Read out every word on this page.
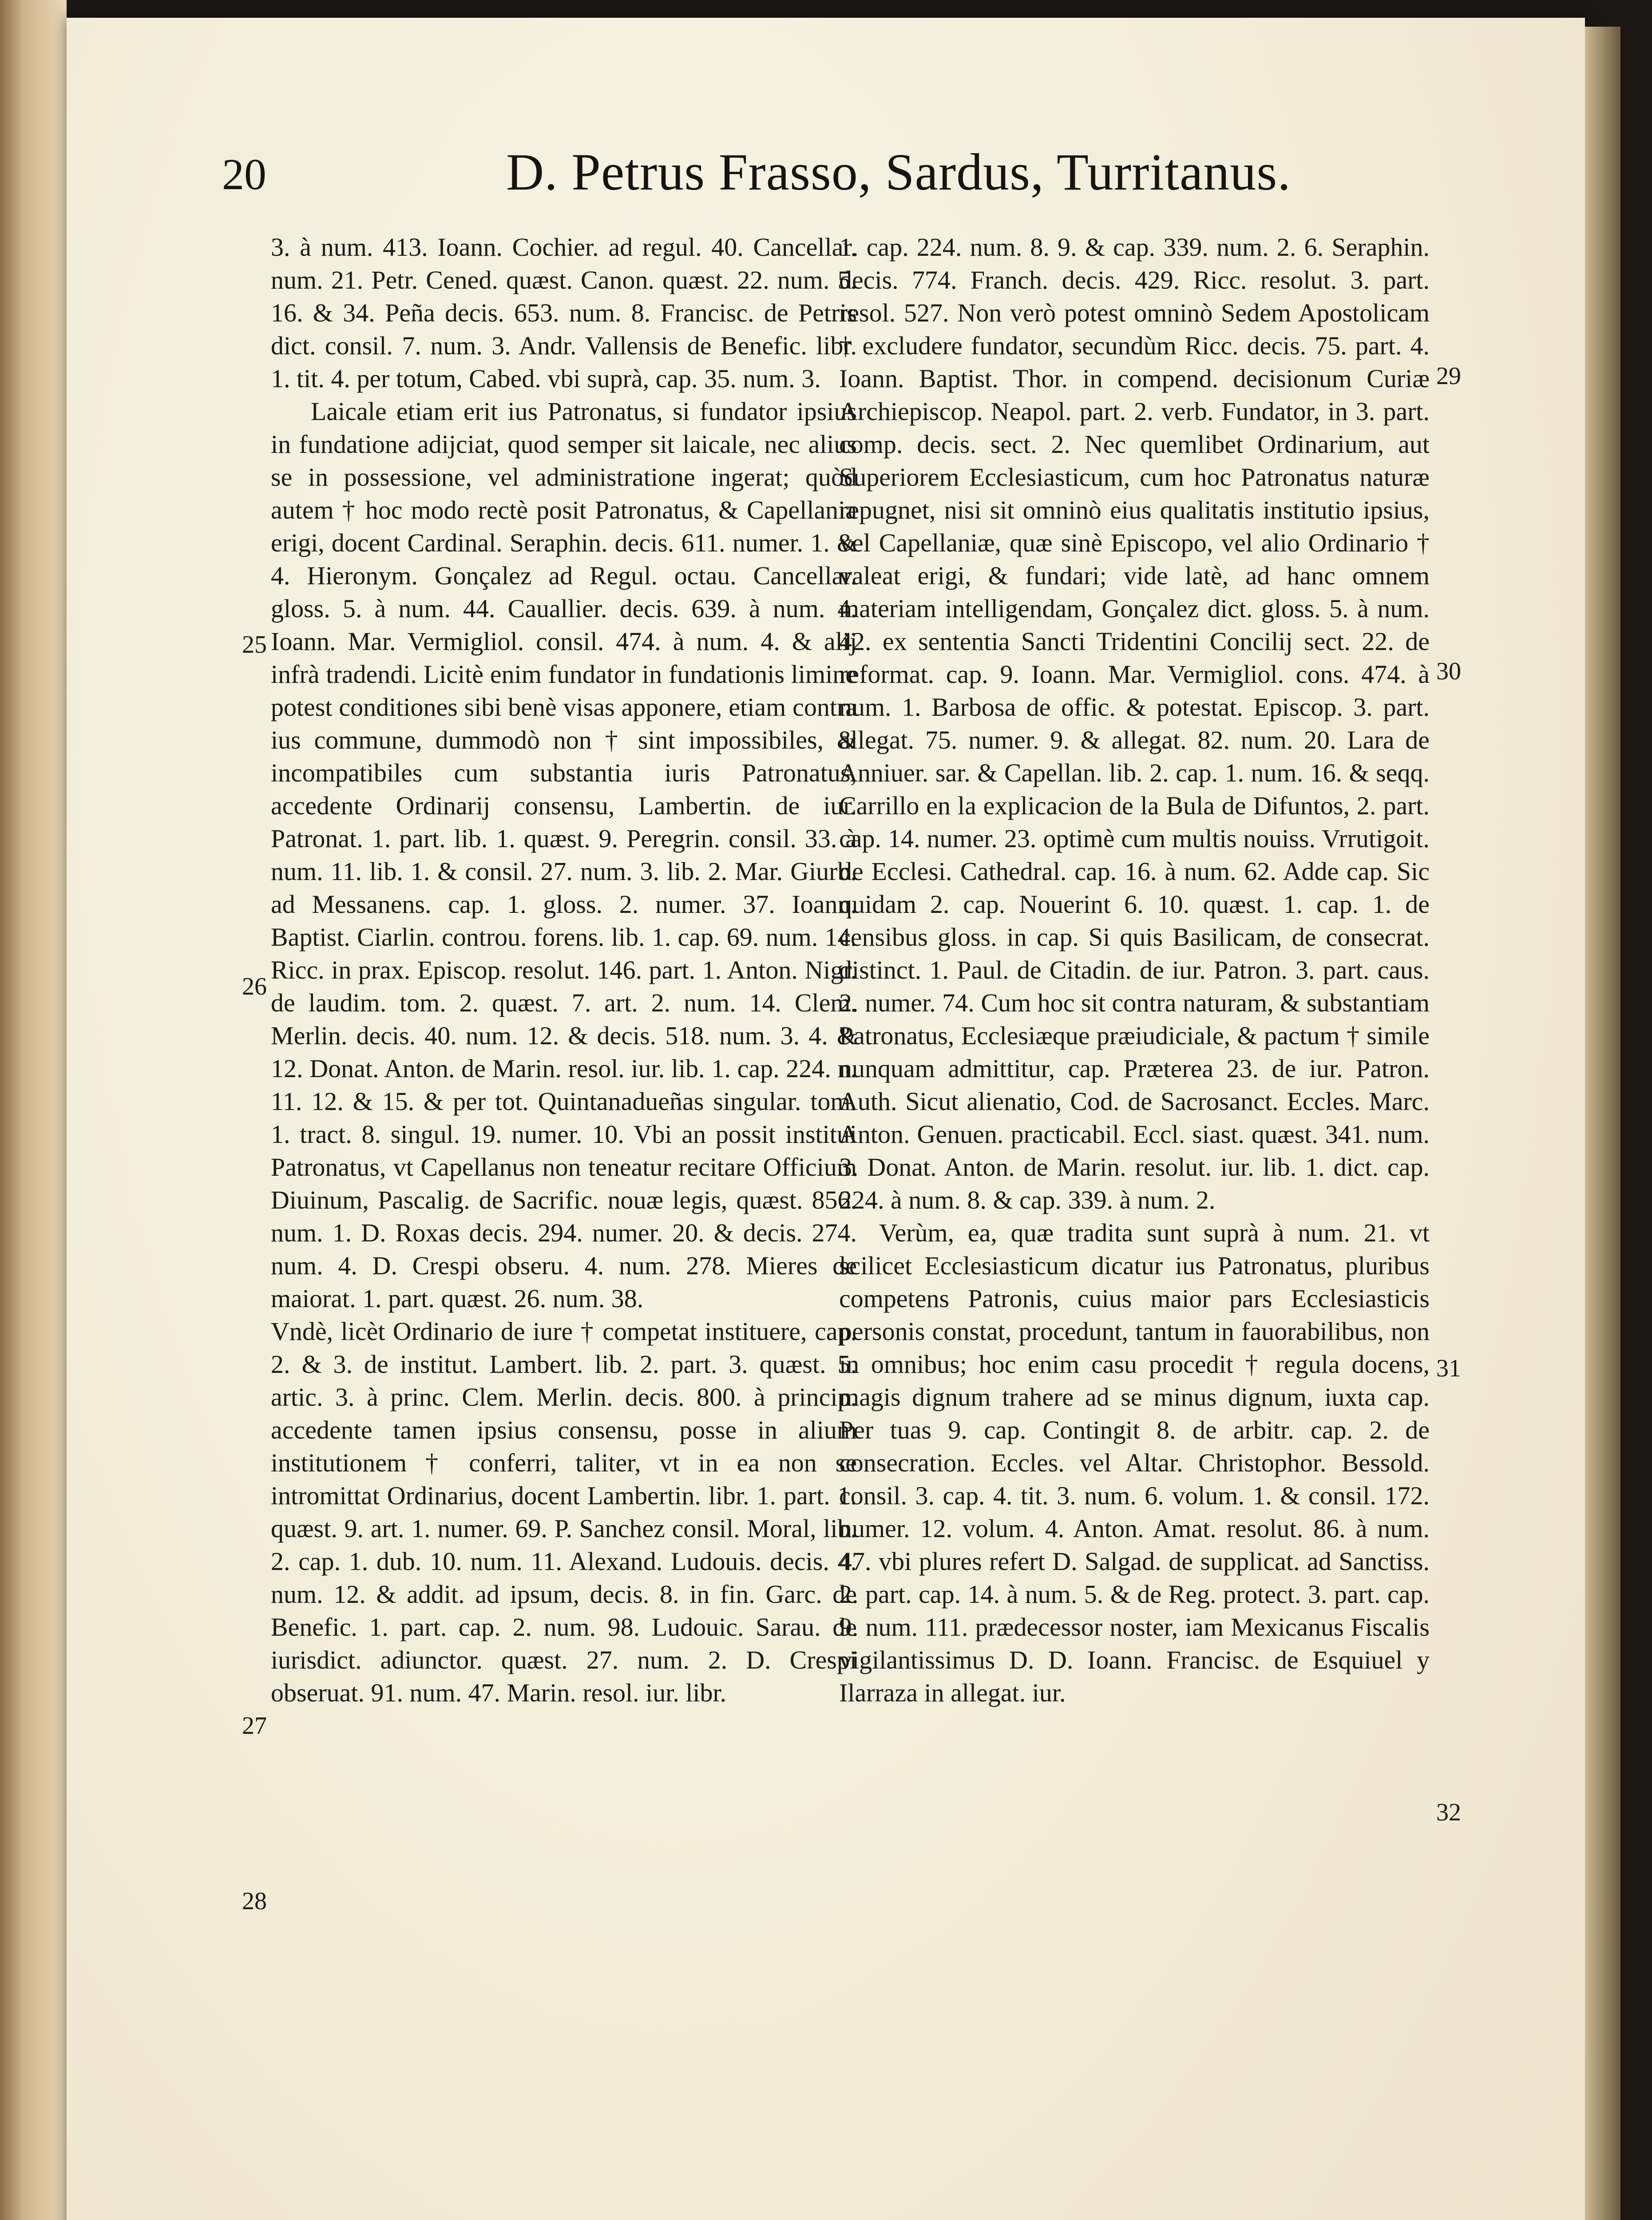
20	D. Petrus Frasso, Sardus, Turritanus.

3. à num. 413. Ioann. Cochier. ad regul. 40. Cancellar. num. 21. Petr. Cened. quæst. Canon. quæst. 22. num. 5. 16. & 34. Peña decis. 653. num. 8. Francisc. de Petris dict. consil. 7. num. 3. Andr. Vallensis de Benefic. libr. 1. tit. 4. per totum, Cabed. vbi suprà, cap. 35. num. 3.

Laicale etiam erit ius Patronatus, si fundator ipsius in fundatione adijciat, quod semper sit laicale, nec alius se in possessione, vel administratione ingerat; quòd autem † hoc modo rectè posit Patronatus, & Capellania erigi, docent Cardinal. Seraphin. decis. 611. numer. 1. & 4. Hieronym. Gonçalez ad Regul. octau. Cancellar. gloss. 5. à num. 44. Cauallier. decis. 639. à num. 4. Ioann. Mar. Vermigliol. consil. 474. à num. 4. & alij infrà tradendi. Licitè enim fundator in fundationis limine potest conditiones sibi benè visas apponere, etiam contra ius commune, dummodò non † sint impossibiles, & incompatibiles cum substantia iuris Patronatus, accedente Ordinarij consensu, Lambertin. de iur. Patronat. 1. part. lib. 1. quæst. 9. Peregrin. consil. 33. à num. 11. lib. 1. & consil. 27. num. 3. lib. 2. Mar. Giurb. ad Messanens. cap. 1. gloss. 2. numer. 37. Ioann. Baptist. Ciarlin. controu. forens. lib. 1. cap. 69. num. 14. Ricc. in prax. Episcop. resolut. 146. part. 1. Anton. Nigr. de laudim. tom. 2. quæst. 7. art. 2. num. 14. Clem. Merlin. decis. 40. num. 12. & decis. 518. num. 3. 4. & 12. Donat. Anton. de Marin. resol. iur. lib. 1. cap. 224. n. 11. 12. & 15. & per tot. Quintanadueñas singular. tom. 1. tract. 8. singul. 19. numer. 10. Vbi an possit institui Patronatus, vt Capellanus non teneatur recitare Officium Diuinum, Pascalig. de Sacrific. nouæ legis, quæst. 856. num. 1. D. Roxas decis. 294. numer. 20. & decis. 274. num. 4. D. Crespi obseru. 4. num. 278. Mieres de maiorat. 1. part. quæst. 26. num. 38.

Vndè, licèt Ordinario de iure † competat instituere, cap. 2. & 3. de institut. Lambert. lib. 2. part. 3. quæst. 5. artic. 3. à princ. Clem. Merlin. decis. 800. à princip. accedente tamen ipsius consensu, posse in alium institutionem † conferri, taliter, vt in ea non se intromittat Ordinarius, docent Lambertin. libr. 1. part. 1. quæst. 9. art. 1. numer. 69. P. Sanchez consil. Moral, lib. 2. cap. 1. dub. 10. num. 11. Alexand. Ludouis. decis. 4. num. 12. & addit. ad ipsum, decis. 8. in fin. Garc. de Benefic. 1. part. cap. 2. num. 98. Ludouic. Sarau. de iurisdict. adiunctor. quæst. 27. num. 2. D. Crespi obseruat. 91. num. 47. Marin. resol. iur. libr.

1. cap. 224. num. 8. 9. & cap. 339. num. 2. 6. Seraphin. decis. 774. Franch. decis. 429. Ricc. resolut. 3. part. resol. 527. Non verò potest omninò Sedem Apostolicam † excludere fundator, secundùm Ricc. decis. 75. part. 4. Ioann. Baptist. Thor. in compend. decisionum Curiæ Archiepiscop. Neapol. part. 2. verb. Fundator, in 3. part. comp. decis. sect. 2. Nec quemlibet Ordinarium, aut Superiorem Ecclesiasticum, cum hoc Patronatus naturæ repugnet, nisi sit omninò eius qualitatis institutio ipsius, vel Capellaniæ, quæ sinè Episcopo, vel alio Ordinario † valeat erigi, & fundari; vide latè, ad hanc omnem materiam intelligendam, Gonçalez dict. gloss. 5. à num. 42. ex sententia Sancti Tridentini Concilij sect. 22. de reformat. cap. 9. Ioann. Mar. Vermigliol. cons. 474. à num. 1. Barbosa de offic. & potestat. Episcop. 3. part. allegat. 75. numer. 9. & allegat. 82. num. 20. Lara de Anniuer. sar. & Capellan. lib. 2. cap. 1. num. 16. & seqq. Carrillo en la explicacion de la Bula de Difuntos, 2. part. cap. 14. numer. 23. optimè cum multis nouiss. Vrrutigoit. de Ecclesi. Cathedral. cap. 16. à num. 62. Adde cap. Sic quidam 2. cap. Nouerint 6. 10. quæst. 1. cap. 1. de censibus gloss. in cap. Si quis Basilicam, de consecrat. distinct. 1. Paul. de Citadin. de iur. Patron. 3. part. caus. 2. numer. 74. Cum hoc sit contra naturam, & substantiam Patronatus, Ecclesiæque præiudiciale, & pactum † simile nunquam admittitur, cap. Præterea 23. de iur. Patron. Auth. Sicut alienatio, Cod. de Sacrosanct. Eccles. Marc. Anton. Genuen. practicabil. Eccl. siast. quæst. 341. num. 3. Donat. Anton. de Marin. resolut. iur. lib. 1. dict. cap. 224. à num. 8. & cap. 339. à num. 2.

Verùm, ea, quæ tradita sunt suprà à num. 21. vt scilicet Ecclesiasticum dicatur ius Patronatus, pluribus competens Patronis, cuius maior pars Ecclesiasticis personis constat, procedunt, tantum in fauorabilibus, non in omnibus; hoc enim casu procedit † regula docens, magis dignum trahere ad se minus dignum, iuxta cap. Per tuas 9. cap. Contingit 8. de arbitr. cap. 2. de consecration. Eccles. vel Altar. Christophor. Bessold. consil. 3. cap. 4. tit. 3. num. 6. volum. 1. & consil. 172. numer. 12. volum. 4. Anton. Amat. resolut. 86. à num. 47. vbi plures refert D. Salgad. de supplicat. ad Sanctiss. 2. part. cap. 14. à num. 5. & de Reg. protect. 3. part. cap. 9. num. 111. prædecessor noster, iam Mexicanus Fiscalis vigilantissimus D. D. Ioann. Francisc. de Esquiuel y Ilarraza in allegat. iur.

25
26
27
28
29
30
31
32
